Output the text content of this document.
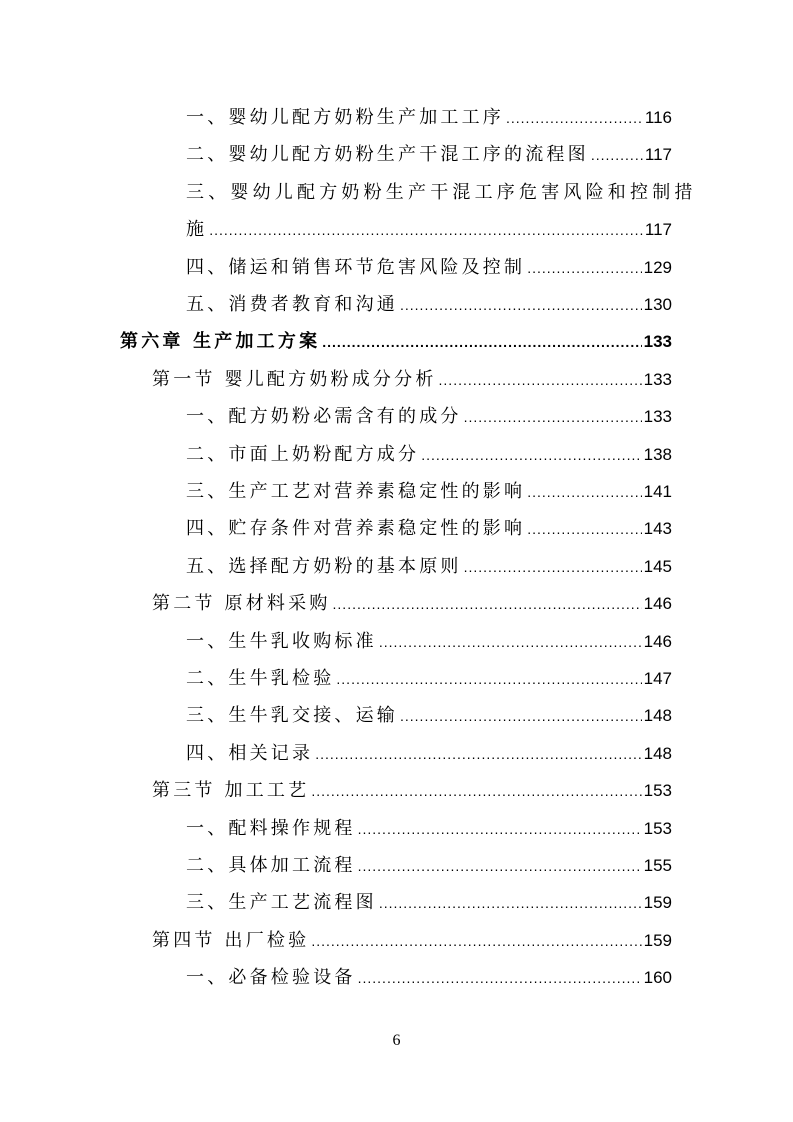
一、婴幼儿配方奶粉生产加工工序 .....	116
二、婴幼儿配方奶粉生产干混工序的流程图 .....	117
三、婴幼儿配方奶粉生产干混工序危害风险和控制措
施 .....	117
四、储运和销售环节危害风险及控制 .....	129
五、消费者教育和沟通 .....	130
第六章 生产加工方案 .....	133
第一节 婴儿配方奶粉成分分析 .....	133
一、配方奶粉必需含有的成分 .....	133
二、市面上奶粉配方成分 .....	138
三、生产工艺对营养素稳定性的影响 .....	141
四、贮存条件对营养素稳定性的影响 .....	143
五、选择配方奶粉的基本原则 .....	145
第二节 原材料采购 .....	146
一、生牛乳收购标准 .....	146
二、生牛乳检验 .....	147
三、生牛乳交接、运输 .....	148
四、相关记录 .....	148
第三节 加工工艺 .....	153
一、配料操作规程 .....	153
二、具体加工流程 .....	155
三、生产工艺流程图 .....	159
第四节 出厂检验 .....	159
一、必备检验设备 .....	160
6
